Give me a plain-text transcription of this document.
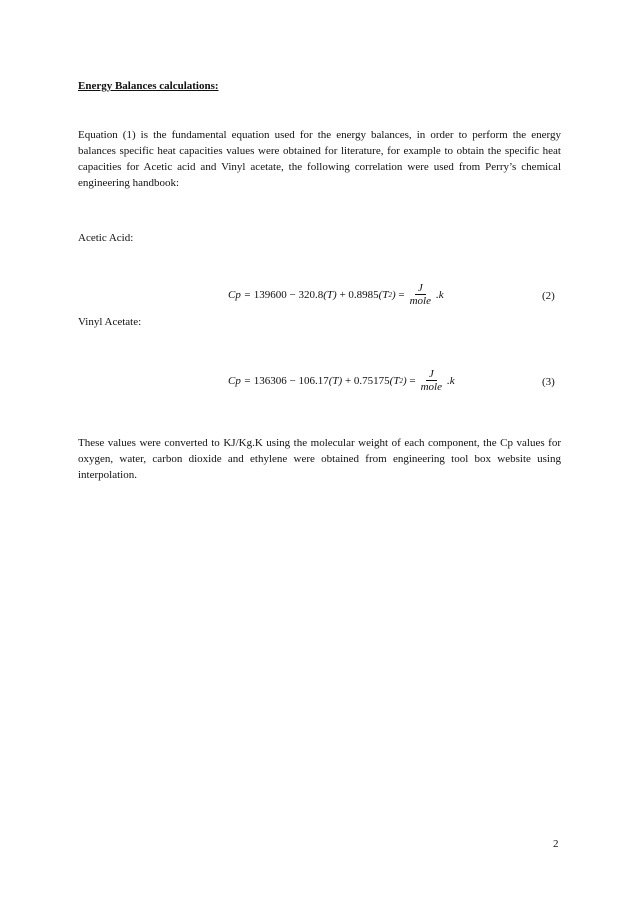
Energy Balances calculations:
Equation (1) is the fundamental equation used for the energy balances, in order to perform the energy balances specific heat capacities values were obtained for literature, for example to obtain the specific heat capacities for Acetic acid and Vinyl acetate, the following correlation were used from Perry’s chemical engineering handbook:
Acetic Acid:
Cp = 139600
−
320.8 (T)
+
0.8985 (T 2 )
= $\frac{J}{\text{mole}} .k$	(2)
Vinyl Acetate:
Cp = 136306
−
106.17 (T)
+
0.75175 (T 2 )
= $\frac{J}{\text{mole}} .k$	(3)
These values were converted to KJ/Kg.K using the molecular weight of each component, the Cp values for oxygen, water, carbon dioxide and ethylene were obtained from engineering tool box website using interpolation.
2
